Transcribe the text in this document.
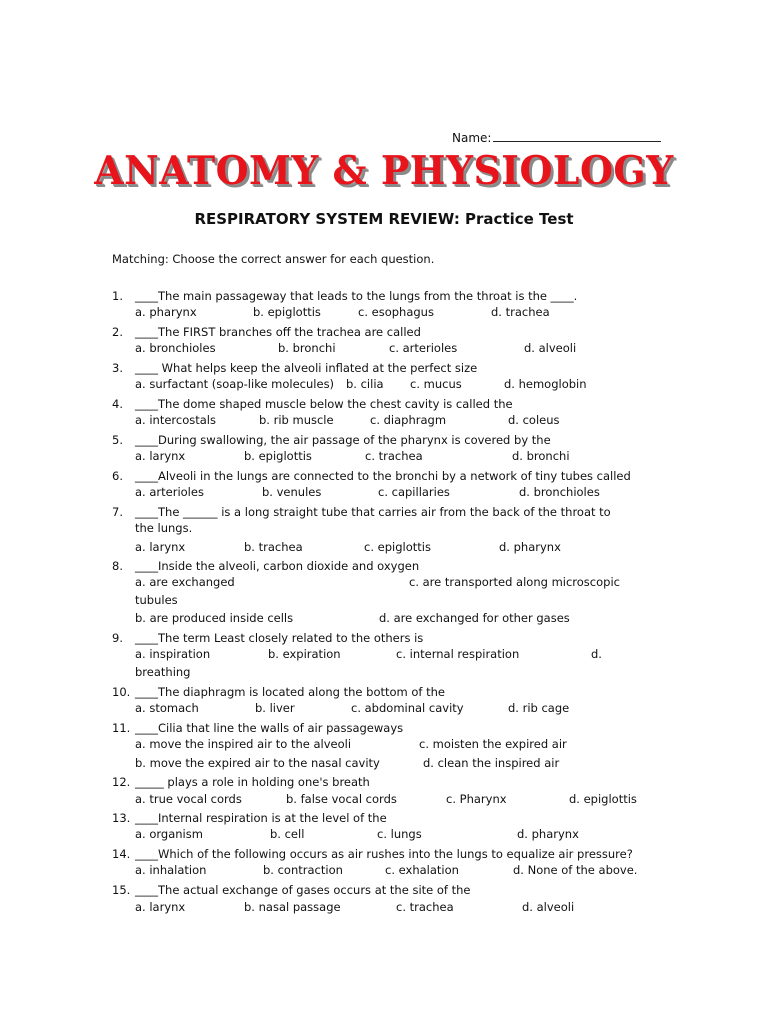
Name:
ANATOMY & PHYSIOLOGY
RESPIRATORY SYSTEM REVIEW: Practice Test
Matching: Choose the correct answer for each question.
1. ____The main passageway that leads to the lungs from the throat is the ____.
a. pharynx	b. epiglottis	c. esophagus	d. trachea
2. ____The FIRST branches off the trachea are called
a. bronchioles	b. bronchi	c. arterioles	d. alveoli
3. ____ What helps keep the alveoli inflated at the perfect size
a. surfactant (soap-like molecules) b. cilia c. mucus	d. hemoglobin
4. ____The dome shaped muscle below the chest cavity is called the
a. intercostals	b. rib muscle	c. diaphragm	d. coleus
5. ____During swallowing, the air passage of the pharynx is covered by the
a. larynx	b. epiglottis	c. trachea	d. bronchi
6. ____Alveoli in the lungs are connected to the bronchi by a network of tiny tubes called
a. arterioles	b. venules	c. capillaries	d. bronchioles
7. ____The ______ is a long straight tube that carries air from the back of the throat to
the lungs.
a. larynx	b. trachea	c. epiglottis	d. pharynx
8. ____Inside the alveoli, carbon dioxide and oxygen
a. are exchanged	c. are transported along microscopic
tubules
b. are produced inside cells	d. are exchanged for other gases
9. ____The term Least closely related to the others is
a. inspiration	b. expiration	c. internal respiration	d.
breathing
10. ____The diaphragm is located along the bottom of the
a. stomach	b. liver	c. abdominal cavity	d. rib cage
11. ____Cilia that line the walls of air passageways
a. move the inspired air to the alveoli	c. moisten the expired air
b. move the expired air to the nasal cavity	d. clean the inspired air
12. _____ plays a role in holding one's breath
a. true vocal cords	b. false vocal cords	c. Pharynx	d. epiglottis
13. ____Internal respiration is at the level of the
a. organism	b. cell	c. lungs	d. pharynx
14. ____Which of the following occurs as air rushes into the lungs to equalize air pressure?
a. inhalation	b. contraction	c. exhalation	d. None of the above.
15. ____The actual exchange of gases occurs at the site of the
a. larynx	b. nasal passage	c. trachea	d. alveoli
